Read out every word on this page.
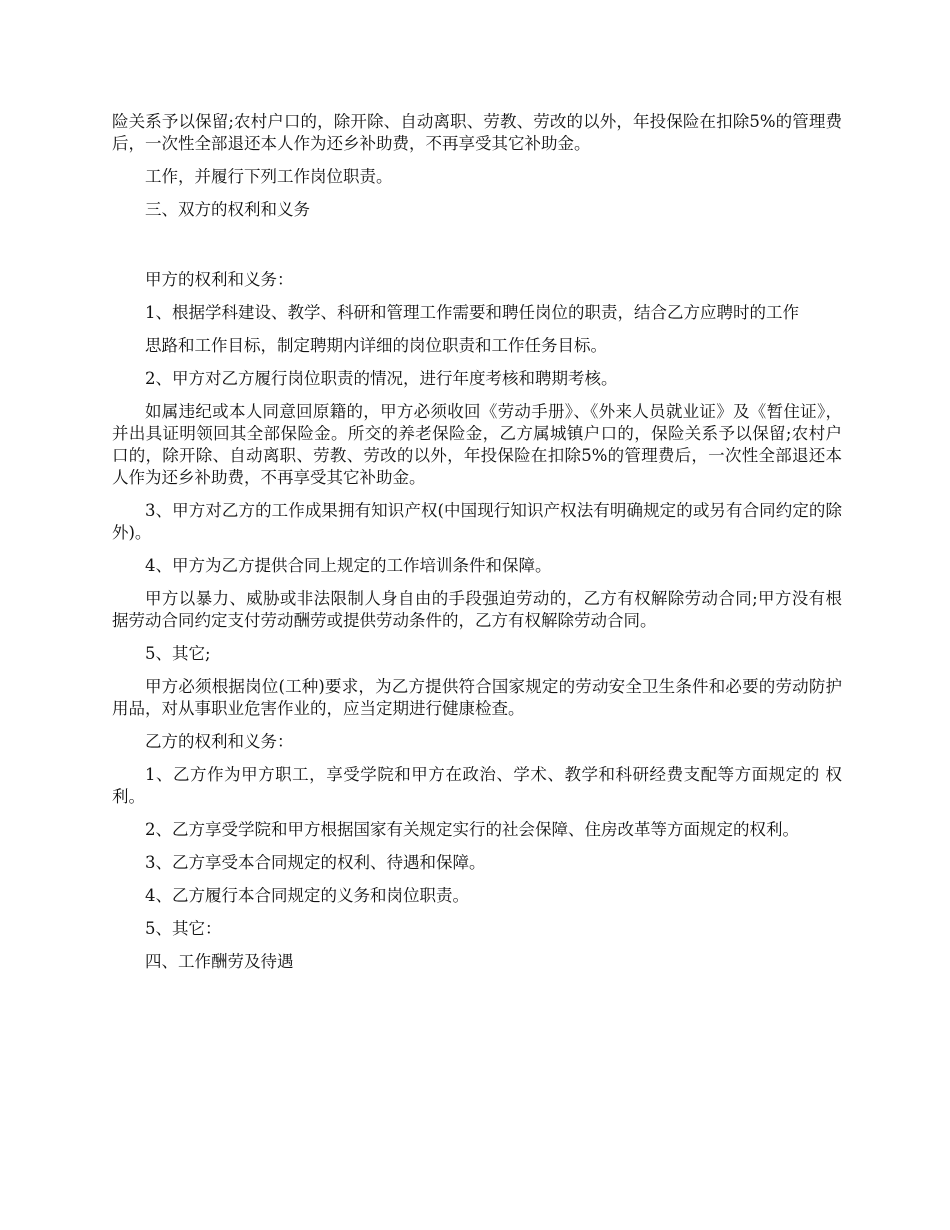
险关系予以保留;农村户口的，除开除、自动离职、劳教、劳改的以外，年投保险在扣除5%的管理费后，一次性全部退还本人作为还乡补助费，不再享受其它补助金。

工作，并履行下列工作岗位职责。

三、双方的权利和义务

甲方的权利和义务：

1、根据学科建设、教学、科研和管理工作需要和聘任岗位的职责，结合乙方应聘时的工作

思路和工作目标，制定聘期内详细的岗位职责和工作任务目标。

2、甲方对乙方履行岗位职责的情况，进行年度考核和聘期考核。

如属违纪或本人同意回原籍的，甲方必须收回《劳动手册》、《外来人员就业证》及《暂住证》，并出具证明领回其全部保险金。所交的养老保险金，乙方属城镇户口的，保险关系予以保留;农村户口的，除开除、自动离职、劳教、劳改的以外，年投保险在扣除5%的管理费后，一次性全部退还本人作为还乡补助费，不再享受其它补助金。

3、甲方对乙方的工作成果拥有知识产权(中国现行知识产权法有明确规定的或另有合同约定的除外)。

4、甲方为乙方提供合同上规定的工作培训条件和保障。

甲方以暴力、威胁或非法限制人身自由的手段强迫劳动的，乙方有权解除劳动合同;甲方没有根据劳动合同约定支付劳动酬劳或提供劳动条件的，乙方有权解除劳动合同。

5、其它;

甲方必须根据岗位(工种)要求，为乙方提供符合国家规定的劳动安全卫生条件和必要的劳动防护用品，对从事职业危害作业的，应当定期进行健康检查。

乙方的权利和义务：

1、乙方作为甲方职工，享受学院和甲方在政治、学术、教学和科研经费支配等方面规定的 权利。

2、乙方享受学院和甲方根据国家有关规定实行的社会保障、住房改革等方面规定的权利。

3、乙方享受本合同规定的权利、待遇和保障。

4、乙方履行本合同规定的义务和岗位职责。

5、其它：

四、工作酬劳及待遇
